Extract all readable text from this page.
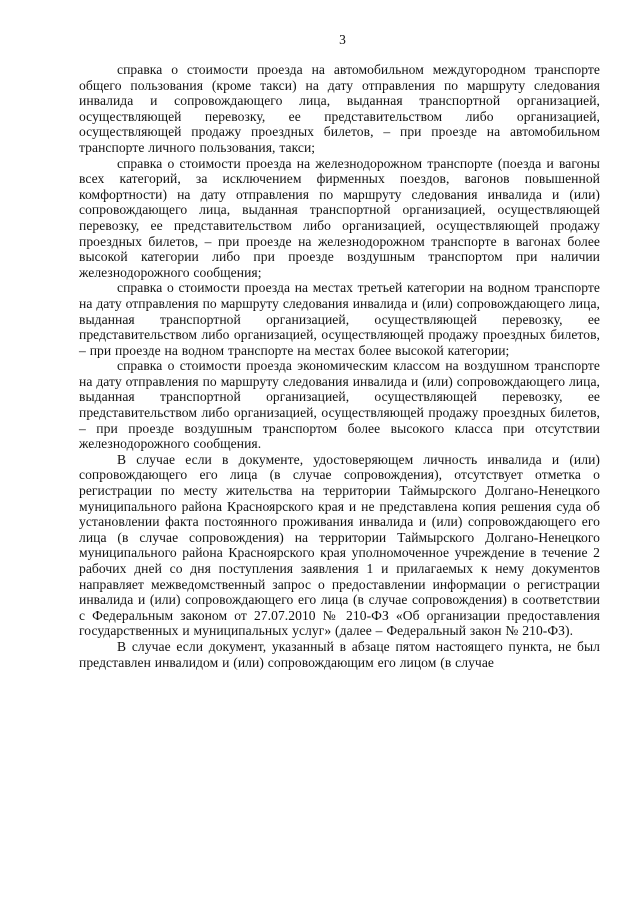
3

справка о стоимости проезда на автомобильном междугородном транспорте общего пользования (кроме такси) на дату отправления по маршруту следования инвалида и сопровождающего лица, выданная транспортной организацией, осуществляющей перевозку, ее представительством либо организацией, осуществляющей продажу проездных билетов, – при проезде на автомобильном транспорте личного пользования, такси;

справка о стоимости проезда на железнодорожном транспорте (поезда и вагоны всех категорий, за исключением фирменных поездов, вагонов повышенной комфортности) на дату отправления по маршруту следования инвалида и (или) сопровождающего лица, выданная транспортной организацией, осуществляющей перевозку, ее представительством либо организацией, осуществляющей продажу проездных билетов, – при проезде на железнодорожном транспорте в вагонах более высокой категории либо при проезде воздушным транспортом при наличии железнодорожного сообщения;

справка о стоимости проезда на местах третьей категории на водном транспорте на дату отправления по маршруту следования инвалида и (или) сопровождающего лица, выданная транспортной организацией, осуществляющей перевозку, ее представительством либо организацией, осуществляющей продажу проездных билетов, – при проезде на водном транспорте на местах более высокой категории;

справка о стоимости проезда экономическим классом на воздушном транспорте на дату отправления по маршруту следования инвалида и (или) сопровождающего лица, выданная транспортной организацией, осуществляющей перевозку, ее представительством либо организацией, осуществляющей продажу проездных билетов, – при проезде воздушным транспортом более высокого класса при отсутствии железнодорожного сообщения.

В случае если в документе, удостоверяющем личность инвалида и (или) сопровождающего его лица (в случае сопровождения), отсутствует отметка о регистрации по месту жительства на территории Таймырского Долгано-Ненецкого муниципального района Красноярского края и не представлена копия решения суда об установлении факта постоянного проживания инвалида и (или) сопровождающего его лица (в случае сопровождения) на территории Таймырского Долгано-Ненецкого муниципального района Красноярского края уполномоченное учреждение в течение 2 рабочих дней со дня поступления заявления 1 и прилагаемых к нему документов направляет межведомственный запрос о предоставлении информации о регистрации инвалида и (или) сопровождающего его лица (в случае сопровождения) в соответствии с Федеральным законом от 27.07.2010 № 210-ФЗ «Об организации предоставления государственных и муниципальных услуг» (далее – Федеральный закон № 210-ФЗ).

В случае если документ, указанный в абзаце пятом настоящего пункта, не был представлен инвалидом и (или) сопровождающим его лицом (в случае
